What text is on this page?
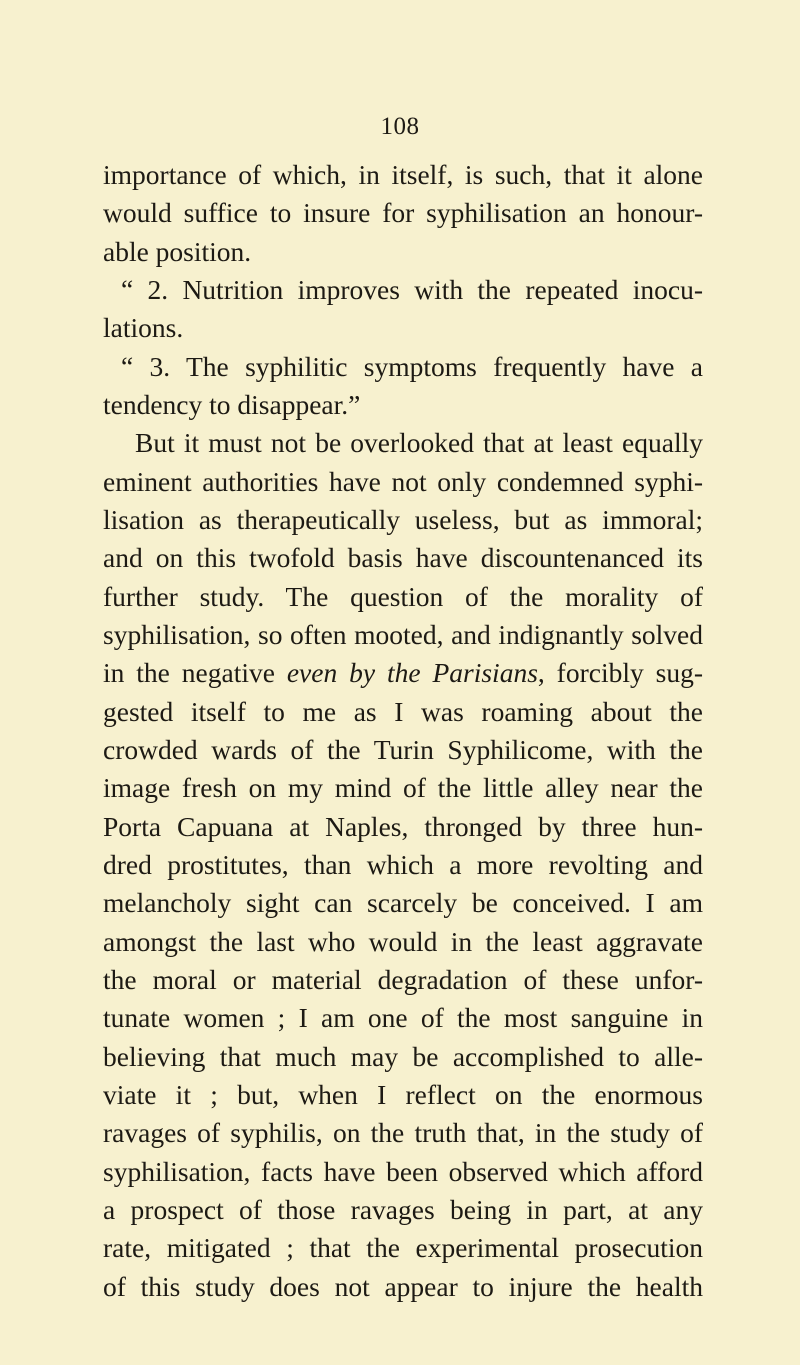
108
importance of which, in itself, is such, that it alone
would suffice to insure for syphilisation an honour-
able position.
“ 2. Nutrition improves with the repeated inocu-
lations.
“ 3. The syphilitic symptoms frequently have a
tendency to disappear.”
But it must not be overlooked that at least equally
eminent authorities have not only condemned syphi-
lisation as therapeutically useless, but as immoral;
and on this twofold basis have discountenanced its
further study. The question of the morality of
syphilisation, so often mooted, and indignantly solved
in the negative even by the Parisians, forcibly sug-
gested itself to me as I was roaming about the
crowded wards of the Turin Syphilicome, with the
image fresh on my mind of the little alley near the
Porta Capuana at Naples, thronged by three hun-
dred prostitutes, than which a more revolting and
melancholy sight can scarcely be conceived. I am
amongst the last who would in the least aggravate
the moral or material degradation of these unfor-
tunate women ; I am one of the most sanguine in
believing that much may be accomplished to alle-
viate it ; but, when I reflect on the enormous
ravages of syphilis, on the truth that, in the study of
syphilisation, facts have been observed which afford
a prospect of those ravages being in part, at any
rate, mitigated ; that the experimental prosecution
of this study does not appear to injure the health
